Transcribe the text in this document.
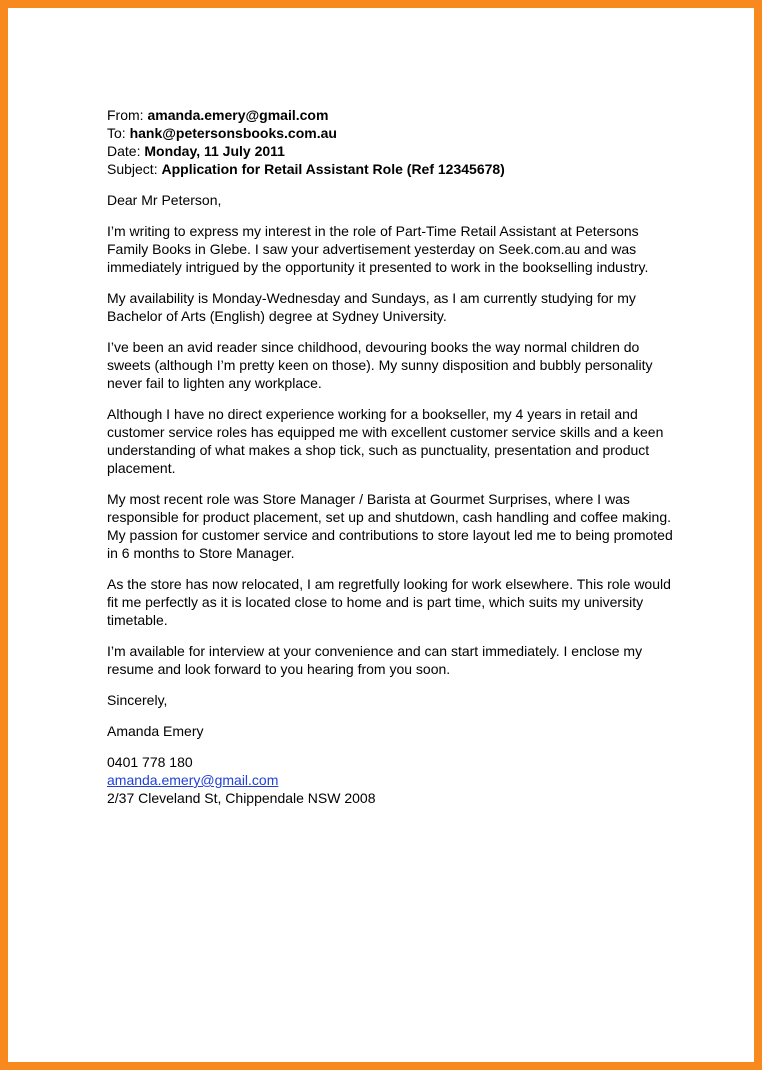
From: amanda.emery@gmail.com
To: hank@petersonsbooks.com.au
Date: Monday, 11 July 2011
Subject: Application for Retail Assistant Role (Ref 12345678)
Dear Mr Peterson,

I’m writing to express my interest in the role of Part-Time Retail Assistant at Petersons Family Books in Glebe. I saw your advertisement yesterday on Seek.com.au and was immediately intrigued by the opportunity it presented to work in the bookselling industry.

My availability is Monday-Wednesday and Sundays, as I am currently studying for my Bachelor of Arts (English) degree at Sydney University.

I’ve been an avid reader since childhood, devouring books the way normal children do sweets (although I’m pretty keen on those). My sunny disposition and bubbly personality never fail to lighten any workplace.

Although I have no direct experience working for a bookseller, my 4 years in retail and customer service roles has equipped me with excellent customer service skills and a keen understanding of what makes a shop tick, such as punctuality, presentation and product placement.

My most recent role was Store Manager / Barista at Gourmet Surprises, where I was responsible for product placement, set up and shutdown, cash handling and coffee making. My passion for customer service and contributions to store layout led me to being promoted in 6 months to Store Manager.

As the store has now relocated, I am regretfully looking for work elsewhere. This role would fit me perfectly as it is located close to home and is part time, which suits my university timetable.

I’m available for interview at your convenience and can start immediately. I enclose my resume and look forward to you hearing from you soon.

Sincerely,
Amanda Emery
0401 778 180
amanda.emery@gmail.com
2/37 Cleveland St, Chippendale NSW 2008
